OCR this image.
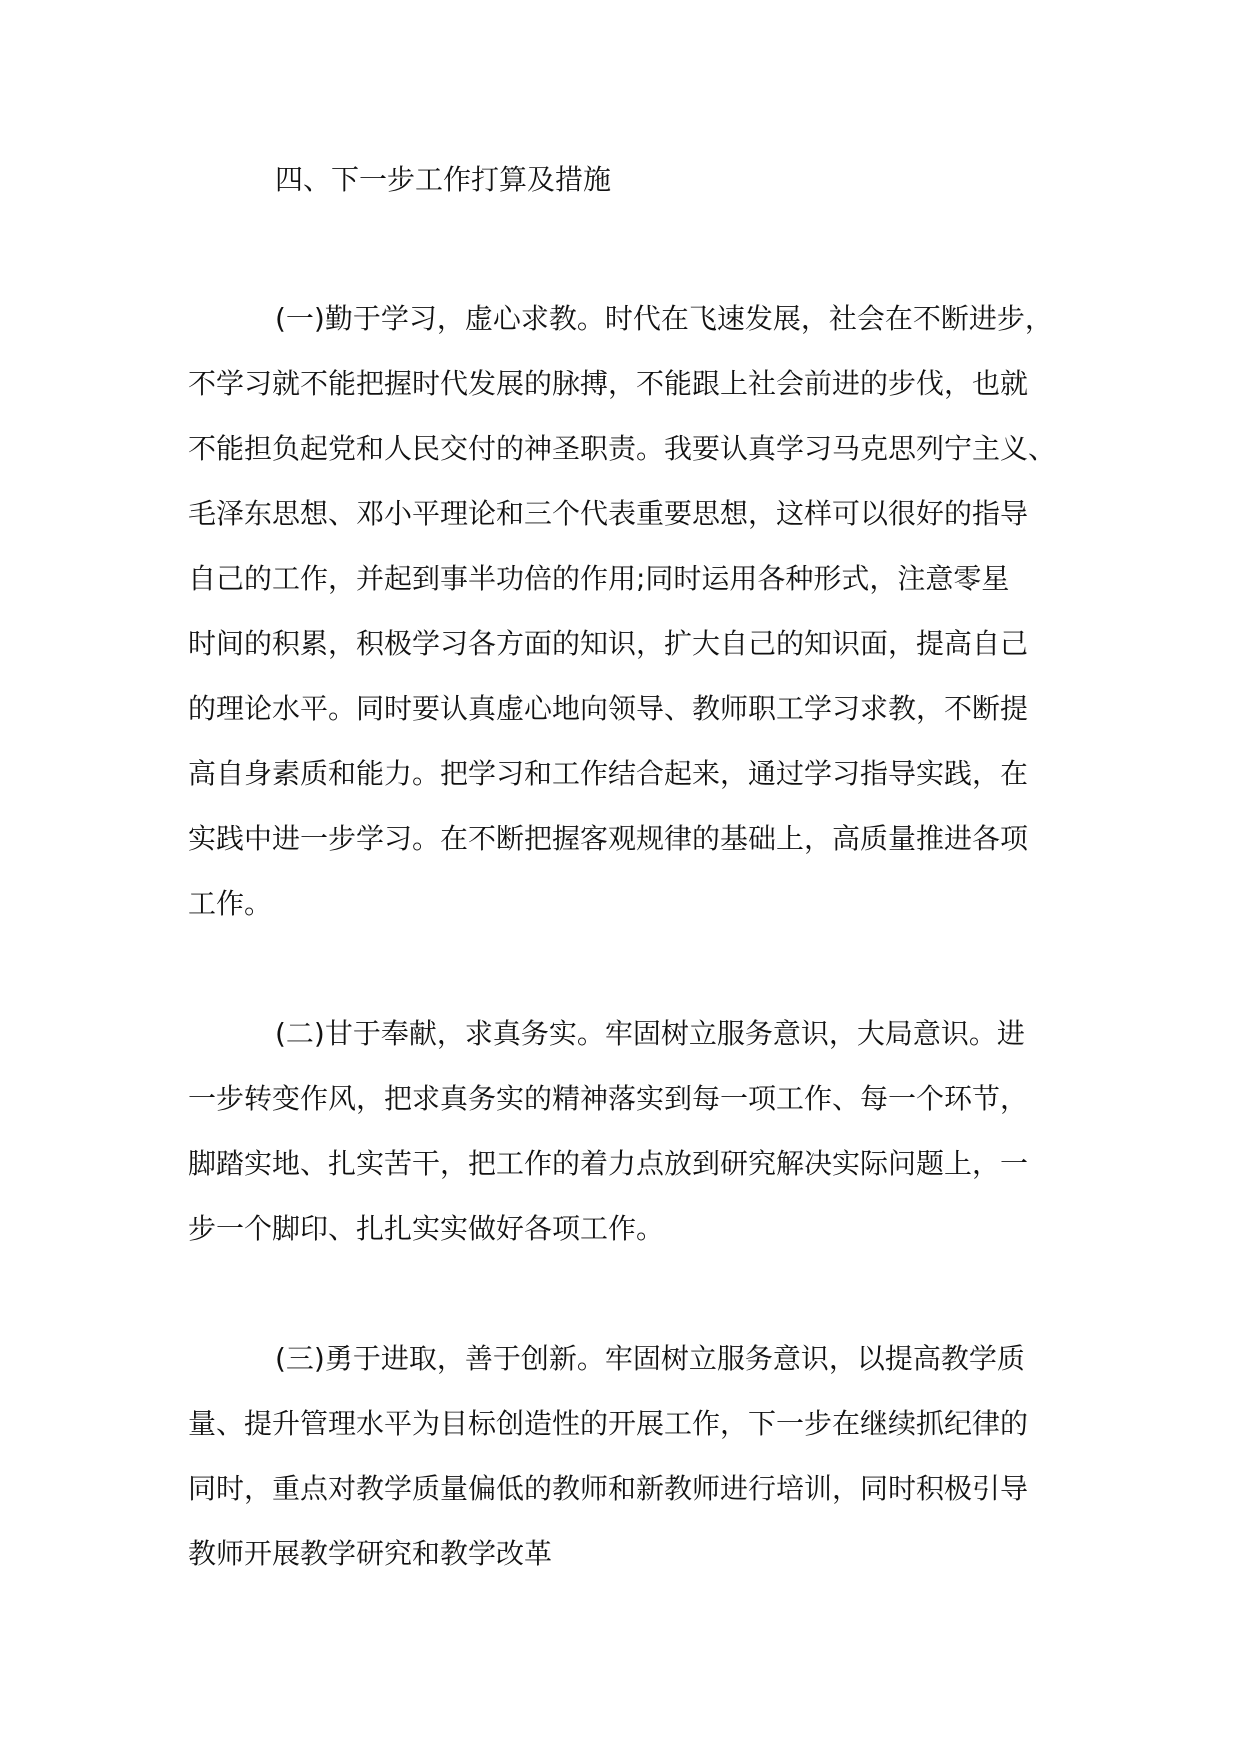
四、下一步工作打算及措施
(一)勤于学习，虚心求教。时代在飞速发展，社会在不断进步，
不学习就不能把握时代发展的脉搏，不能跟上社会前进的步伐，也就
不能担负起党和人民交付的神圣职责。我要认真学习马克思列宁主义、
毛泽东思想、邓小平理论和三个代表重要思想，这样可以很好的指导
自己的工作，并起到事半功倍的作用;同时运用各种形式，注意零星
时间的积累，积极学习各方面的知识，扩大自己的知识面，提高自己
的理论水平。同时要认真虚心地向领导、教师职工学习求教，不断提
高自身素质和能力。把学习和工作结合起来，通过学习指导实践，在
实践中进一步学习。在不断把握客观规律的基础上，高质量推进各项
工作。
(二)甘于奉献，求真务实。牢固树立服务意识，大局意识。进
一步转变作风，把求真务实的精神落实到每一项工作、每一个环节，
脚踏实地、扎实苦干，把工作的着力点放到研究解决实际问题上，一
步一个脚印、扎扎实实做好各项工作。
(三)勇于进取，善于创新。牢固树立服务意识，以提高教学质
量、提升管理水平为目标创造性的开展工作，下一步在继续抓纪律的
同时，重点对教学质量偏低的教师和新教师进行培训，同时积极引导
教师开展教学研究和教学改革
